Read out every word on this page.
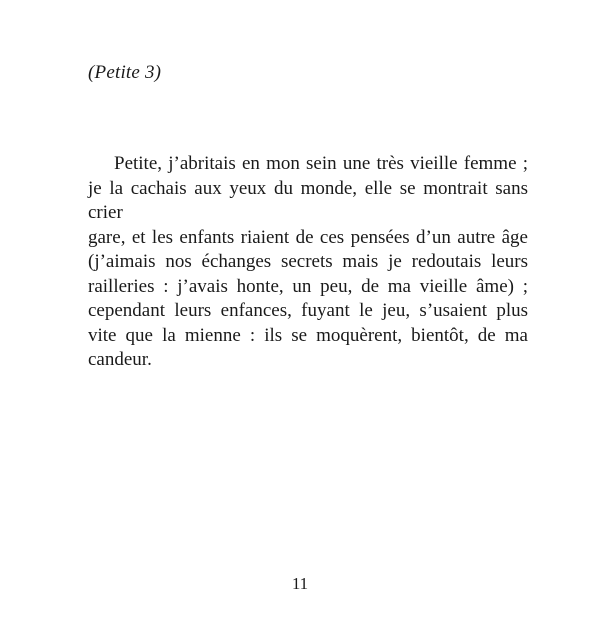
(Petite 3)
Petite, j’abritais en mon sein une très vieille femme ;
je la cachais aux yeux du monde, elle se montrait sans crier
gare, et les enfants riaient de ces pensées d’un autre âge
(j’aimais nos échanges secrets mais je redoutais leurs
railleries : j’avais honte, un peu, de ma vieille âme) ;
cependant leurs enfances, fuyant le jeu, s’usaient plus
vite que la mienne : ils se moquèrent, bientôt, de ma
candeur.
11
